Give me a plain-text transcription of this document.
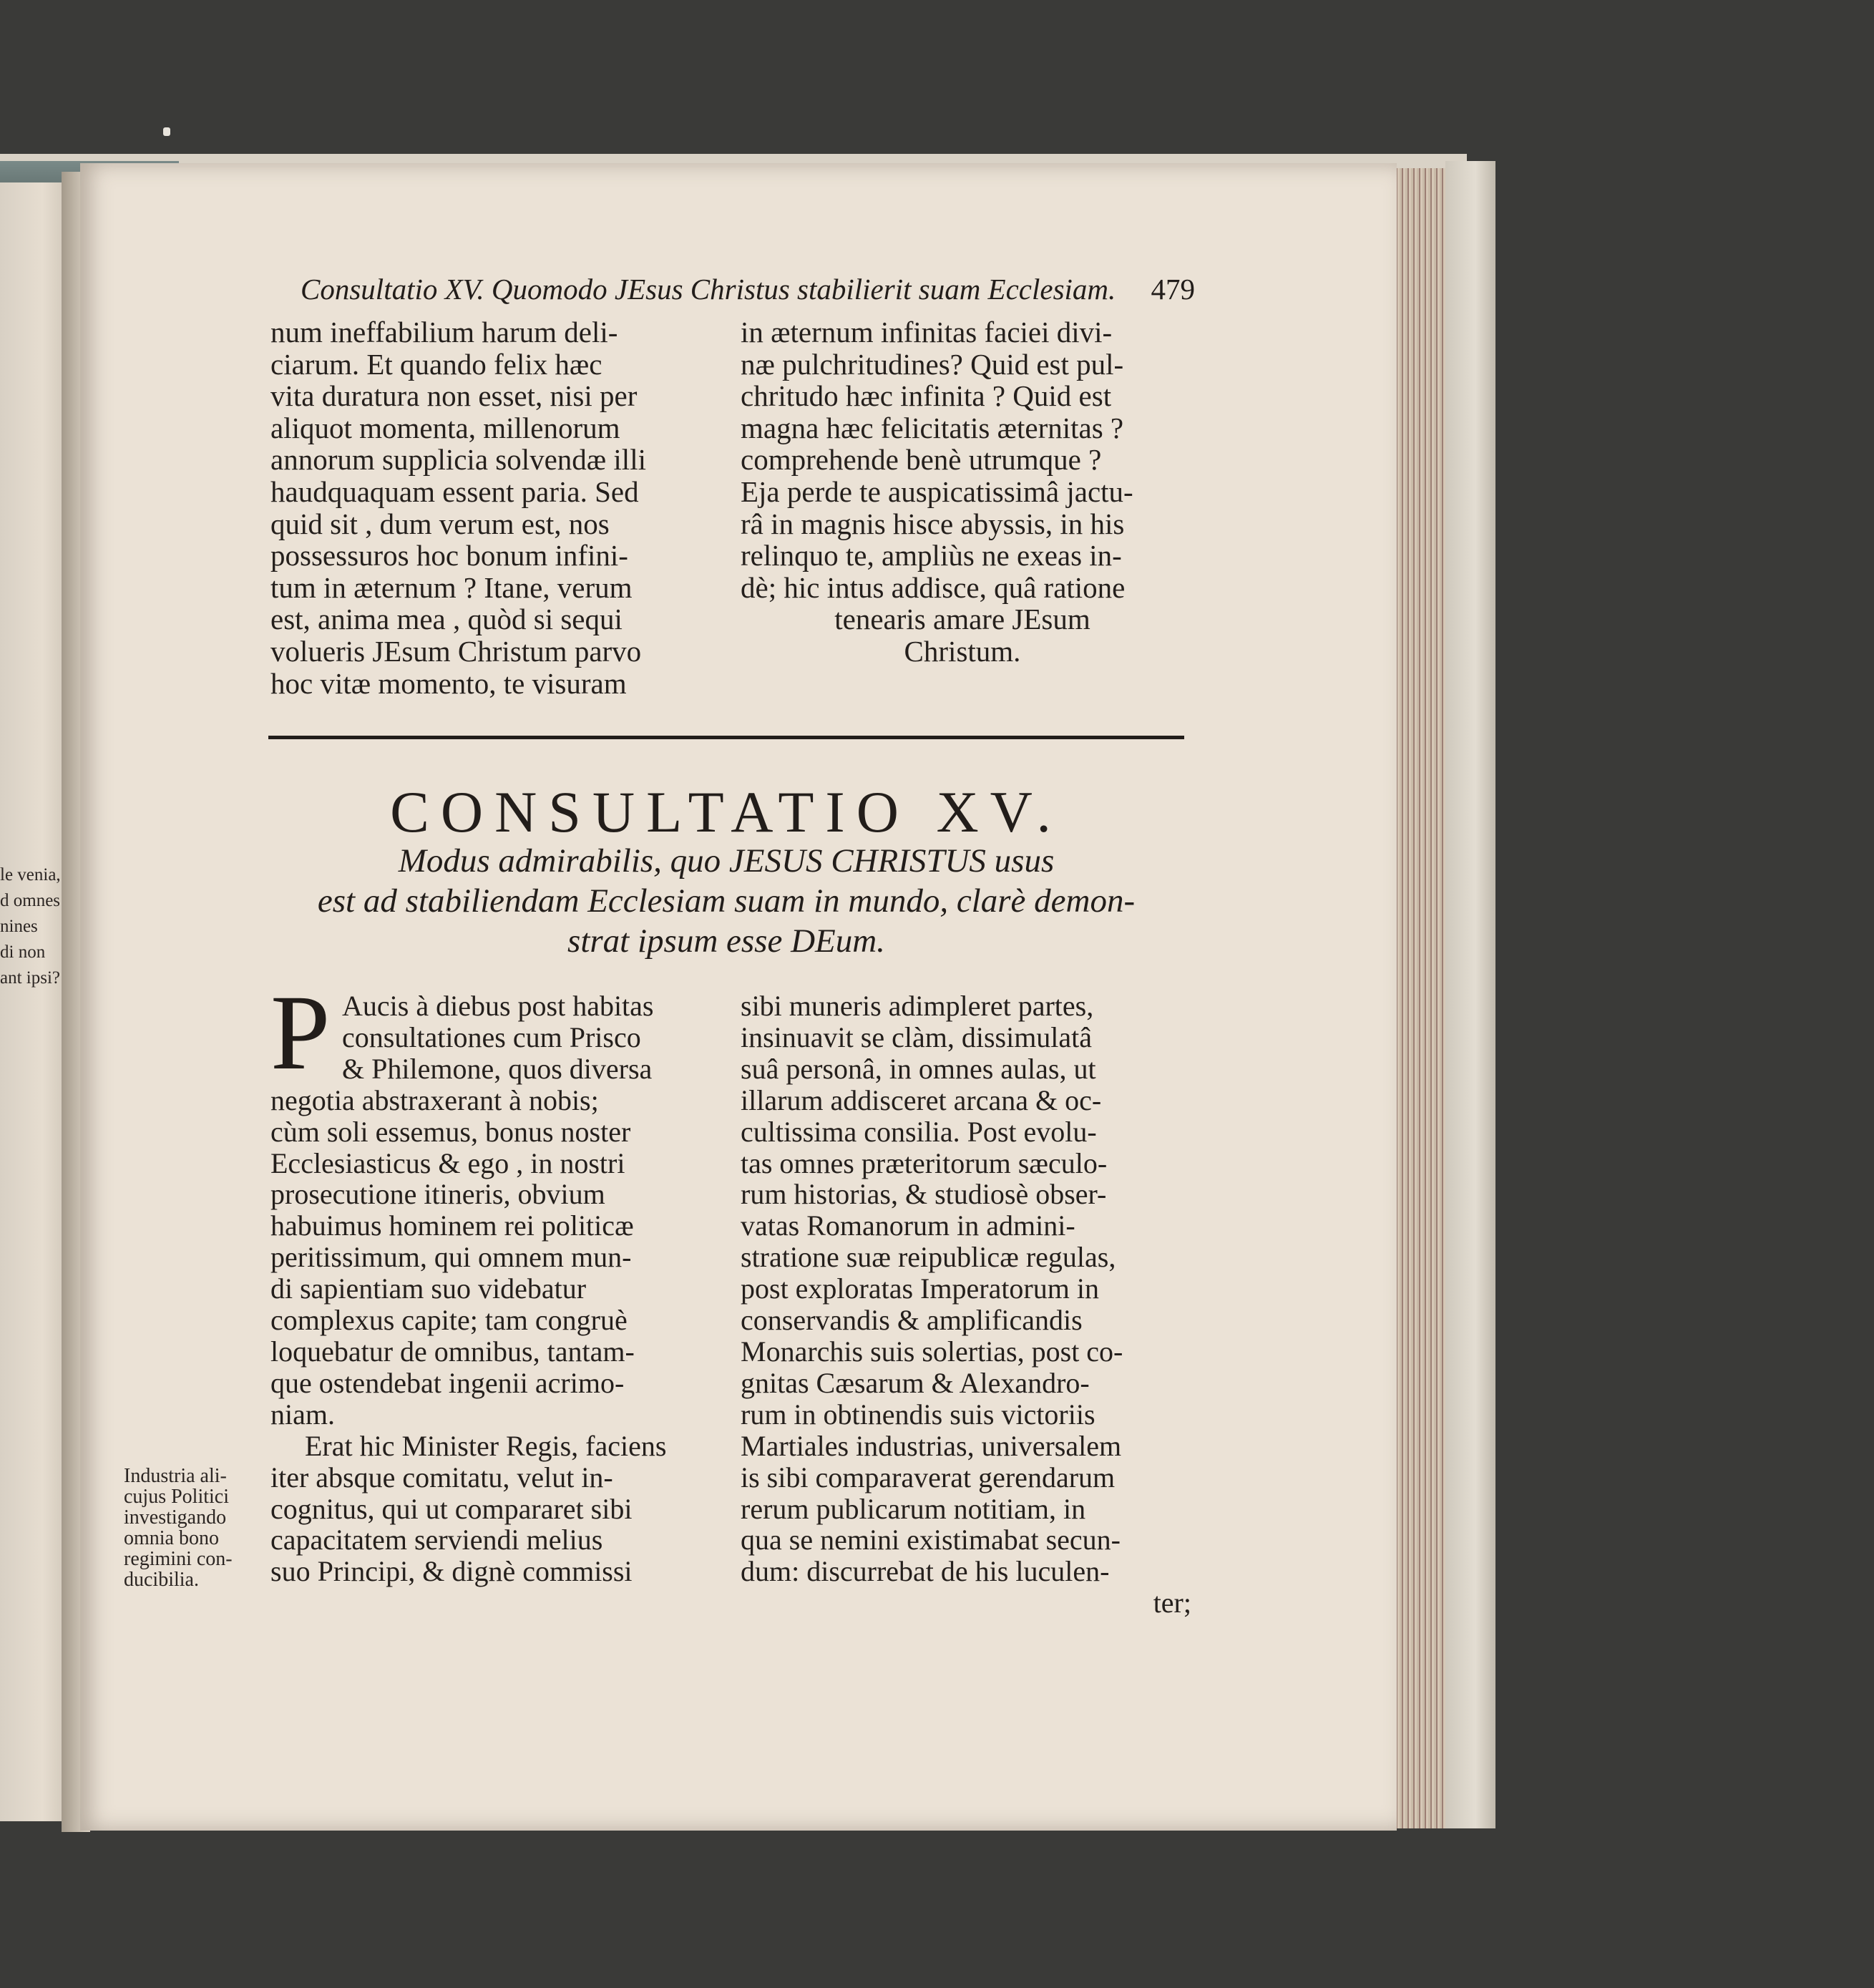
le venia,
d omnes
nines
di non
ant ipsi?
Consultatio XV. Quomodo JEsus Christus stabilierit suam Ecclesiam. 479
num ineffabilium harum deli-
ciarum. Et quando felix hæc
vita duratura non esset, nisi per
aliquot momenta, millenorum
annorum supplicia solvendæ illi
haudquaquam essent paria. Sed
quid sit , dum verum est, nos
possessuros hoc bonum infini-
tum in æternum ? Itane, verum
est, anima mea , quòd si sequi
volueris JEsum Christum parvo
hoc vitæ momento, te visuram
in æternum infinitas faciei divi-
næ pulchritudines? Quid est pul-
chritudo hæc infinita ? Quid est
magna hæc felicitatis æternitas ?
comprehende benè utrumque ?
Eja perde te auspicatissimâ jactu-
râ in magnis hisce abyssis, in his
relinquo te, ampliùs ne exeas in-
dè; hic intus addisce, quâ ratione
tenearis amare JEsum
Christum.
CONSULTATIO XV.
Modus admirabilis, quo JESUS CHRISTUS usus
est ad stabiliendam Ecclesiam suam in mundo, clarè demon-
strat ipsum esse DEum.
P Aucis à diebus post habitas
consultationes cum Prisco
& Philemone, quos diversa
negotia abstraxerant à nobis;
cùm soli essemus, bonus noster
Ecclesiasticus & ego , in nostri
prosecutione itineris, obvium
habuimus hominem rei politicæ
peritissimum, qui omnem mun-
di sapientiam suo videbatur
complexus capite; tam congruè
loquebatur de omnibus, tantam-
que ostendebat ingenii acrimo-
niam.
Erat hic Minister Regis, faciens
iter absque comitatu, velut in-
cognitus, qui ut compararet sibi
capacitatem serviendi melius
suo Principi, & dignè commissi
sibi muneris adimpleret partes,
insinuavit se clàm, dissimulatâ
suâ personâ, in omnes aulas, ut
illarum addisceret arcana & oc-
cultissima consilia. Post evolu-
tas omnes præteritorum sæculo-
rum historias, & studiosè obser-
vatas Romanorum in admini-
stratione suæ reipublicæ regulas,
post exploratas Imperatorum in
conservandis & amplificandis
Monarchis suis solertias, post co-
gnitas Cæsarum & Alexandro-
rum in obtinendis suis victoriis
Martiales industrias, universalem
is sibi comparaverat gerendarum
rerum publicarum notitiam, in
qua se nemini existimabat secun-
dum: discurrebat de his luculen-
ter;
Industria ali-
cujus Politici
investigando
omnia bono
regimini con-
ducibilia.
